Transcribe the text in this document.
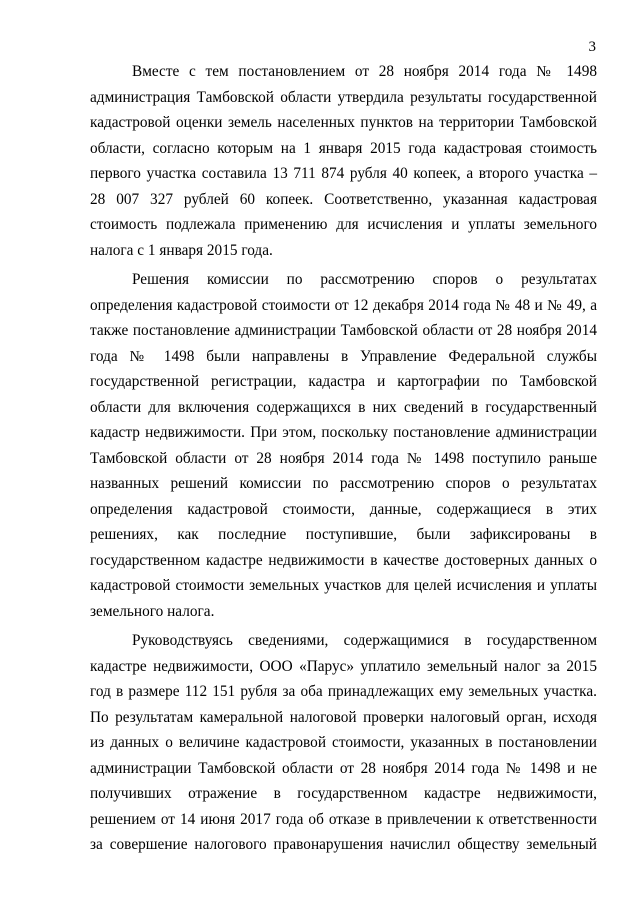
3
Вместе с тем постановлением от 28 ноября 2014 года № 1498
администрация Тамбовской области утвердила результаты государственной
кадастровой оценки земель населенных пунктов на территории Тамбовской
области, согласно которым на 1 января 2015 года кадастровая стоимость
первого участка составила 13 711 874 рубля 40 копеек, а второго участка –
28 007 327 рублей 60 копеек. Соответственно, указанная кадастровая
стоимость подлежала применению для исчисления и уплаты земельного
налога с 1 января 2015 года.
Решения комиссии по рассмотрению споров о результатах
определения кадастровой стоимости от 12 декабря 2014 года № 48 и № 49, а
также постановление администрации Тамбовской области от 28 ноября 2014
года № 1498 были направлены в Управление Федеральной службы
государственной регистрации, кадастра и картографии по Тамбовской
области для включения содержащихся в них сведений в государственный
кадастр недвижимости. При этом, поскольку постановление администрации
Тамбовской области от 28 ноября 2014 года № 1498 поступило раньше
названных решений комиссии по рассмотрению споров о результатах
определения кадастровой стоимости, данные, содержащиеся в этих
решениях, как последние поступившие, были зафиксированы в
государственном кадастре недвижимости в качестве достоверных данных о
кадастровой стоимости земельных участков для целей исчисления и уплаты
земельного налога.
Руководствуясь сведениями, содержащимися в государственном
кадастре недвижимости, ООО «Парус» уплатило земельный налог за 2015
год в размере 112 151 рубля за оба принадлежащих ему земельных участка.
По результатам камеральной налоговой проверки налоговый орган, исходя
из данных о величине кадастровой стоимости, указанных в постановлении
администрации Тамбовской области от 28 ноября 2014 года № 1498 и не
получивших отражение в государственном кадастре недвижимости,
решением от 14 июня 2017 года об отказе в привлечении к ответственности
за совершение налогового правонарушения начислил обществу земельный
